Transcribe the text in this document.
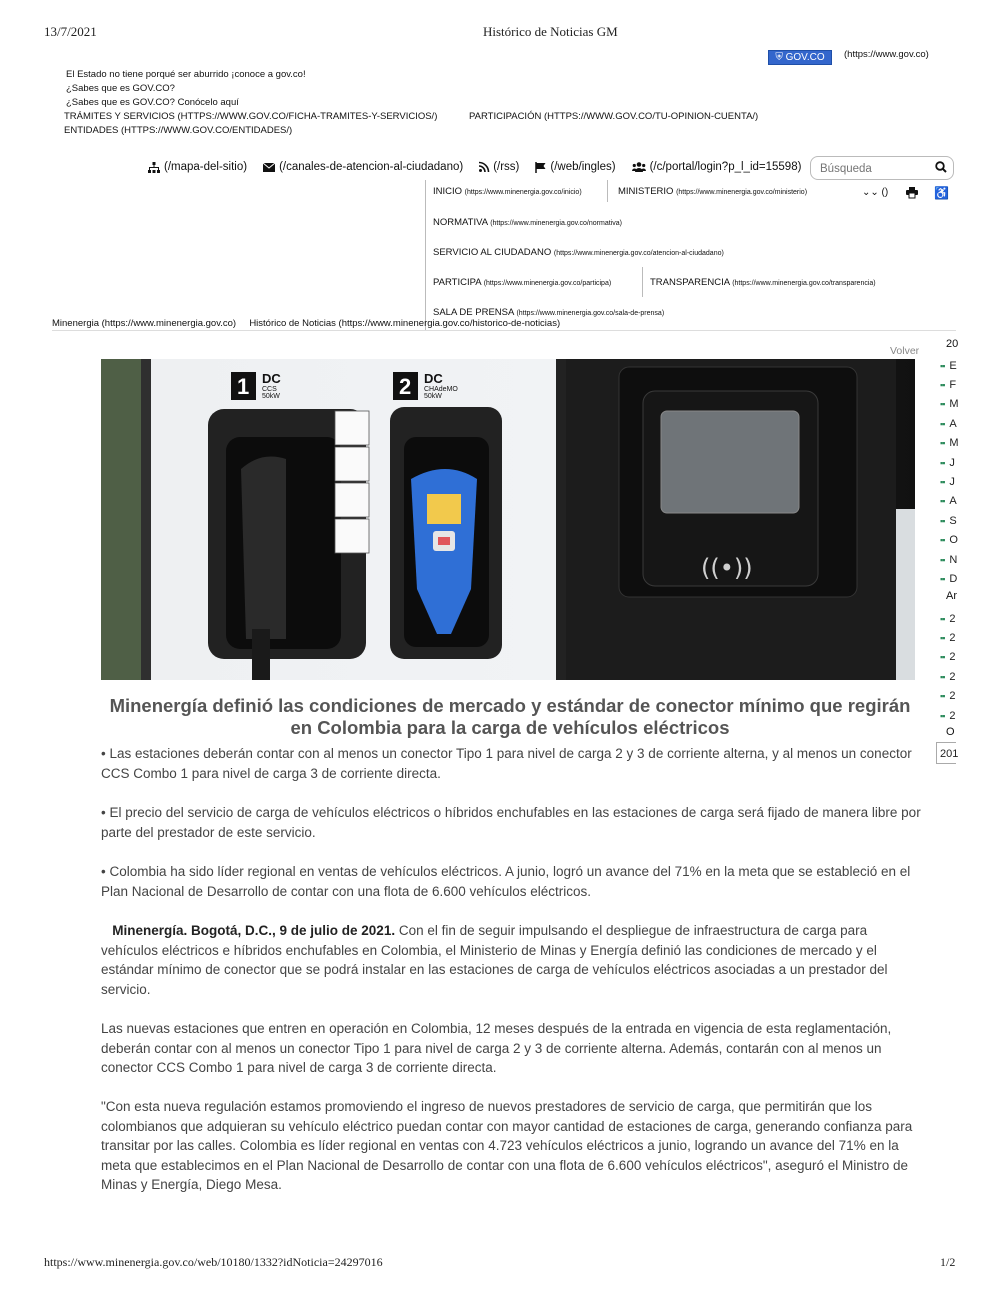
13/7/2021	Histórico de Noticias GM
⛨ GOV.CO	(https://www.gov.co)
El Estado no tiene porqué ser aburrido ¡conoce a gov.co!
¿Sabes que es GOV.CO?
¿Sabes que es GOV.CO? Conócelo aquí
TRÁMITES Y SERVICIOS (HTTPS://WWW.GOV.CO/FICHA-TRAMITES-Y-SERVICIOS/)	PARTICIPACIÓN (HTTPS://WWW.GOV.CO/TU-OPINION-CUENTA/)
ENTIDADES (HTTPS://WWW.GOV.CO/ENTIDADES/)
(/mapa-del-sitio)	(/canales-de-atencion-al-ciudadano)	(/rss)	(/web/ingles)	(/c/portal/login?p_l_id=15598)
Búsqueda
INICIO (https://www.minenergia.gov.co/inicio)	MINISTERIO (https://www.minenergia.gov.co/ministerio)	⌄⌄ ()	♿
NORMATIVA (https://www.minenergia.gov.co/normativa)
SERVICIO AL CIUDADANO (https://www.minenergia.gov.co/atencion-al-ciudadano)
PARTICIPA (https://www.minenergia.gov.co/participa)	TRANSPARENCIA (https://www.minenergia.gov.co/transparencia)
SALA DE PRENSA (https://www.minenergia.gov.co/sala-de-prensa)
Minenergia (https://www.minenergia.gov.co) Histórico de Noticias (https://www.minenergia.gov.co/historico-de-noticias)
Volver
((•))
1 DC
CCS
50kW	2 DC
CHAdeMO
50kW
Minenergía definió las condiciones de mercado y estándar de conector mínimo que regirán en Colombia para la carga de vehículos eléctricos
• Las estaciones deberán contar con al menos un conector Tipo 1 para nivel de carga 2 y 3 de corriente alterna, y al menos un conector CCS Combo 1 para nivel de carga 3 de corriente directa.
• El precio del servicio de carga de vehículos eléctricos o híbridos enchufables en las estaciones de carga será fijado de manera libre por parte del prestador de este servicio.
• Colombia ha sido líder regional en ventas de vehículos eléctricos. A junio, logró un avance del 71% en la meta que se estableció en el Plan Nacional de Desarrollo de contar con una flota de 6.600 vehículos eléctricos.
Minenergía. Bogotá, D.C., 9 de julio de 2021. Con el fin de seguir impulsando el despliegue de infraestructura de carga para vehículos eléctricos e híbridos enchufables en Colombia, el Ministerio de Minas y Energía definió las condiciones de mercado y el estándar mínimo de conector que se podrá instalar en las estaciones de carga de vehículos eléctricos asociadas a un prestador del servicio.
Las nuevas estaciones que entren en operación en Colombia, 12 meses después de la entrada en vigencia de esta reglamentación, deberán contar con al menos un conector Tipo 1 para nivel de carga 2 y 3 de corriente alterna. Además, contarán con al menos un conector CCS Combo 1 para nivel de carga 3 de corriente directa.
"Con esta nueva regulación estamos promoviendo el ingreso de nuevos prestadores de servicio de carga, que permitirán que los colombianos que adquieran su vehículo eléctrico puedan contar con mayor cantidad de estaciones de carga, generando confianza para transitar por las calles. Colombia es líder regional en ventas con 4.723 vehículos eléctricos a junio, logrando un avance del 71% en la meta que establecimos en el Plan Nacional de Desarrollo de contar con una flota de 6.600 vehículos eléctricos", aseguró el Ministro de Minas y Energía, Diego Mesa.
20
▪▪ E
▪▪ F
▪▪ M
▪▪ A
▪▪ M
▪▪ J
▪▪ J
▪▪ A
▪▪ S
▪▪ O
▪▪ N
▪▪ D
Ar
▪▪ 2
▪▪ 2
▪▪ 2
▪▪ 2
▪▪ 2
▪▪ 2
O
201
https://www.minenergia.gov.co/web/10180/1332?idNoticia=24297016	1/2
